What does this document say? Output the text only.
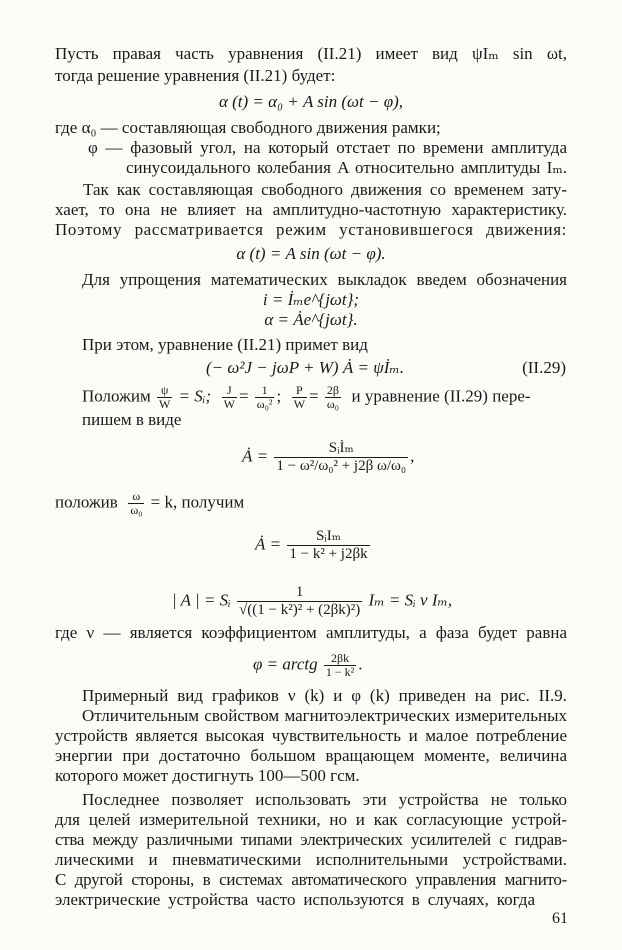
Пусть правая часть уравнения (II.21) имеет вид ψIₘ sin ωt,
тогда решение уравнения (II.21) будет:
α (t) = α₀ + A sin (ωt − φ),
где α₀ — составляющая свободного движения рамки;
φ — фазовый угол, на который отстает по времени амплитуда
синусоидального колебания A относительно амплитуды Iₘ.
Так как составляющая свободного движения со временем зату-
хает, то она не влияет на амплитудно-частотную характеристику.
Поэтому рассматривается режим установившегося движения:
α (t) = A sin (ωt − φ).
Для упрощения математических выкладок введем обозначения
i = İₘe^{jωt};
α = Ȧe^{jωt}.
При этом, уравнение (II.21) примет вид
(− ω²J − jωP + W) Ȧ = ψİₘ.	(II.29)
Положим $\frac{\psi}{W}$ = Sᵢ; $\frac{J}{W} = \frac{1}{\text{ω₀²}}$ ; $\frac{P}{W} = \frac{2\beta}{\text{ω₀}}$ и уравнение (II.29) пере-
пишем в виде
Ȧ = $\frac{\text{Sᵢİₘ}}{\text{1 − ω²/ω₀² + j2β ω/ω₀}}$ ,
положив $\frac{\omega}{\text{ω₀}} = k$, получим
Ȧ = $\frac{\text{SᵢIₘ}}{\text{1 − k² + j2βk}}$
| A | = Sᵢ $\frac{1}{\text{√((1 − k²)² + (2βk)²)}}$ Iₘ = Sᵢ ν Iₘ,
где ν — является коэффициентом амплитуды, а фаза будет равна
φ = arctg $\frac{2\beta k}{\text{1 − k²}}$ .
Примерный вид графиков ν (k) и φ (k) приведен на рис. II.9.
Отличительным свойством магнитоэлектрических измерительных
устройств является высокая чувствительность и малое потребление
энергии при достаточно большом вращающем моменте, величина
которого может достигнуть 100—500 гсм.
Последнее позволяет использовать эти устройства не только
для целей измерительной техники, но и как согласующие устрой-
ства между различными типами электрических усилителей с гидрав-
лическими и пневматическими исполнительными устройствами.
С другой стороны, в системах автоматического управления магнито-
электрические устройства часто используются в случаях, когда
61
